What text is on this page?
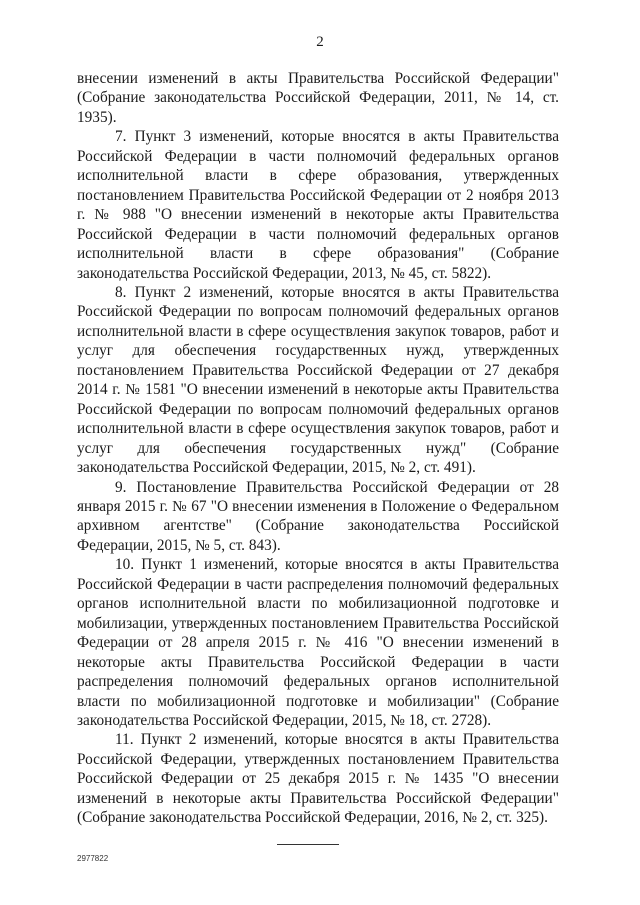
2

внесении изменений в акты Правительства Российской Федерации" (Собрание законодательства Российской Федерации, 2011, № 14, ст. 1935).

7. Пункт 3 изменений, которые вносятся в акты Правительства Российской Федерации в части полномочий федеральных органов исполнительной власти в сфере образования, утвержденных постановлением Правительства Российской Федерации от 2 ноября 2013 г. № 988 "О внесении изменений в некоторые акты Правительства Российской Федерации в части полномочий федеральных органов исполнительной власти в сфере образования" (Собрание законодательства Российской Федерации, 2013, № 45, ст. 5822).

8. Пункт 2 изменений, которые вносятся в акты Правительства Российской Федерации по вопросам полномочий федеральных органов исполнительной власти в сфере осуществления закупок товаров, работ и услуг для обеспечения государственных нужд, утвержденных постановлением Правительства Российской Федерации от 27 декабря 2014 г. № 1581 "О внесении изменений в некоторые акты Правительства Российской Федерации по вопросам полномочий федеральных органов исполнительной власти в сфере осуществления закупок товаров, работ и услуг для обеспечения государственных нужд" (Собрание законодательства Российской Федерации, 2015, № 2, ст. 491).

9. Постановление Правительства Российской Федерации от 28 января 2015 г. № 67 "О внесении изменения в Положение о Федеральном архивном агентстве" (Собрание законодательства Российской Федерации, 2015, № 5, ст. 843).

10. Пункт 1 изменений, которые вносятся в акты Правительства Российской Федерации в части распределения полномочий федеральных органов исполнительной власти по мобилизационной подготовке и мобилизации, утвержденных постановлением Правительства Российской Федерации от 28 апреля 2015 г. № 416 "О внесении изменений в некоторые акты Правительства Российской Федерации в части распределения полномочий федеральных органов исполнительной власти по мобилизационной подготовке и мобилизации" (Собрание законодательства Российской Федерации, 2015, № 18, ст. 2728).

11. Пункт 2 изменений, которые вносятся в акты Правительства Российской Федерации, утвержденных постановлением Правительства Российской Федерации от 25 декабря 2015 г. № 1435 "О внесении изменений в некоторые акты Правительства Российской Федерации" (Собрание законодательства Российской Федерации, 2016, № 2, ст. 325).

2977822
